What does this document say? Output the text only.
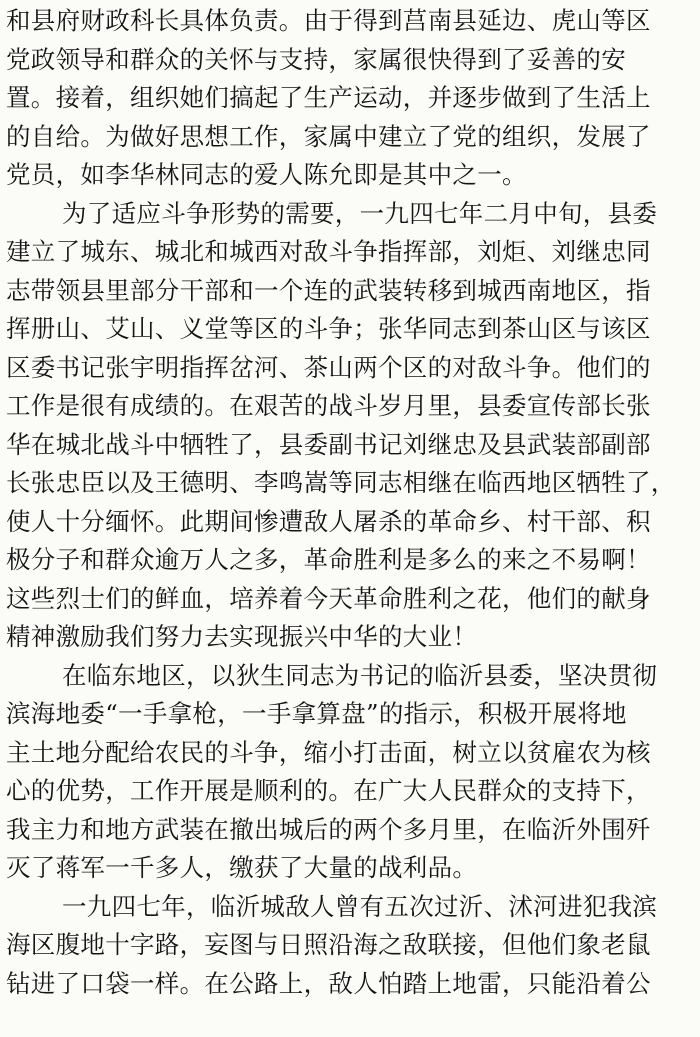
和县府财政科长具体负责。由于得到莒南县延边、虎山等区
党政领导和群众的关怀与支持，家属很快得到了妥善的安
置。接着，组织她们搞起了生产运动，并逐步做到了生活上
的自给。为做好思想工作，家属中建立了党的组织，发展了
党员，如李华林同志的爱人陈允即是其中之一。
为了适应斗争形势的需要，一九四七年二月中旬，县委
建立了城东、城北和城西对敌斗争指挥部，刘炬、刘继忠同
志带领县里部分干部和一个连的武装转移到城西南地区，指
挥册山、艾山、义堂等区的斗争；张华同志到茶山区与该区
区委书记张宇明指挥岔河、茶山两个区的对敌斗争。他们的
工作是很有成绩的。在艰苦的战斗岁月里，县委宣传部长张
华在城北战斗中牺牲了，县委副书记刘继忠及县武装部副部
长张忠臣以及王德明、李鸣嵩等同志相继在临西地区牺牲了，
使人十分缅怀。此期间惨遭敌人屠杀的革命乡、村干部、积
极分子和群众逾万人之多，革命胜利是多么的来之不易啊！
这些烈士们的鲜血，培养着今天革命胜利之花，他们的献身
精神激励我们努力去实现振兴中华的大业！
在临东地区，以狄生同志为书记的临沂县委，坚决贯彻
滨海地委“一手拿枪，一手拿算盘”的指示，积极开展将地
主土地分配给农民的斗争，缩小打击面，树立以贫雇农为核
心的优势，工作开展是顺利的。在广大人民群众的支持下，
我主力和地方武装在撤出城后的两个多月里，在临沂外围歼
灭了蒋军一千多人，缴获了大量的战利品。
一九四七年，临沂城敌人曾有五次过沂、沭河进犯我滨
海区腹地十字路，妄图与日照沿海之敌联接，但他们象老鼠
钻进了口袋一样。在公路上，敌人怕踏上地雷，只能沿着公
